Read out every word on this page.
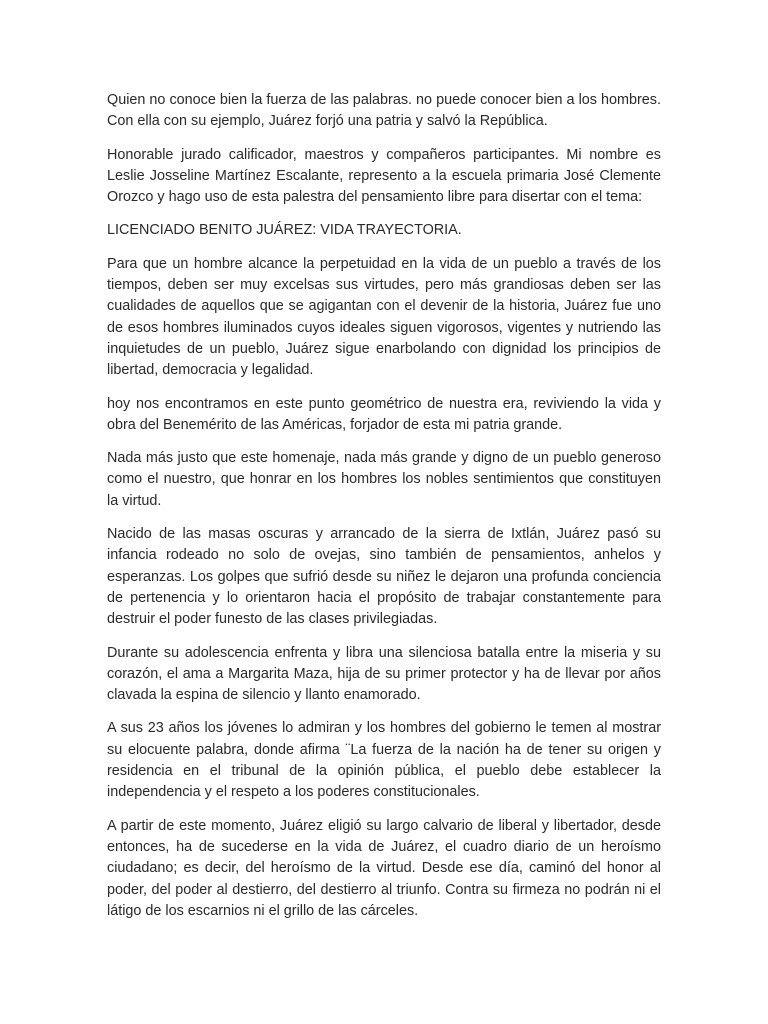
Quien no conoce bien la fuerza de las palabras. no puede conocer bien a los hombres. Con ella con su ejemplo, Juárez forjó una patria y salvó la República.

Honorable jurado calificador, maestros y compañeros participantes. Mi nombre es Leslie Josseline Martínez Escalante, represento a la escuela primaria José Clemente Orozco y hago uso de esta palestra del pensamiento libre para disertar con el tema:

LICENCIADO BENITO JUÁREZ: VIDA TRAYECTORIA.

Para que un hombre alcance la perpetuidad en la vida de un pueblo a través de los tiempos, deben ser muy excelsas sus virtudes, pero más grandiosas deben ser las cualidades de aquellos que se agigantan con el devenir de la historia, Juárez fue uno de esos hombres iluminados cuyos ideales siguen vigorosos, vigentes y nutriendo las inquietudes de un pueblo, Juárez sigue enarbolando con dignidad los principios de libertad, democracia y legalidad.

hoy nos encontramos en este punto geométrico de nuestra era, reviviendo la vida y obra del Benemérito de las Américas, forjador de esta mi patria grande.

Nada más justo que este homenaje, nada más grande y digno de un pueblo generoso como el nuestro, que honrar en los hombres los nobles sentimientos que constituyen la virtud.

Nacido de las masas oscuras y arrancado de la sierra de Ixtlán, Juárez pasó su infancia rodeado no solo de ovejas, sino también de pensamientos, anhelos y esperanzas. Los golpes que sufrió desde su niñez le dejaron una profunda conciencia de pertenencia y lo orientaron hacia el propósito de trabajar constantemente para destruir el poder funesto de las clases privilegiadas.

Durante su adolescencia enfrenta y libra una silenciosa batalla entre la miseria y su corazón, el ama a Margarita Maza, hija de su primer protector y ha de llevar por años clavada la espina de silencio y llanto enamorado.

A sus 23 años los jóvenes lo admiran y los hombres del gobierno le temen al mostrar su elocuente palabra, donde afirma ¨La fuerza de la nación ha de tener su origen y residencia en el tribunal de la opinión pública, el pueblo debe establecer la independencia y el respeto a los poderes constitucionales.

A partir de este momento, Juárez eligió su largo calvario de liberal y libertador, desde entonces, ha de sucederse en la vida de Juárez, el cuadro diario de un heroísmo ciudadano; es decir, del heroísmo de la virtud. Desde ese día, caminó del honor al poder, del poder al destierro, del destierro al triunfo. Contra su firmeza no podrán ni el látigo de los escarnios ni el grillo de las cárceles.
